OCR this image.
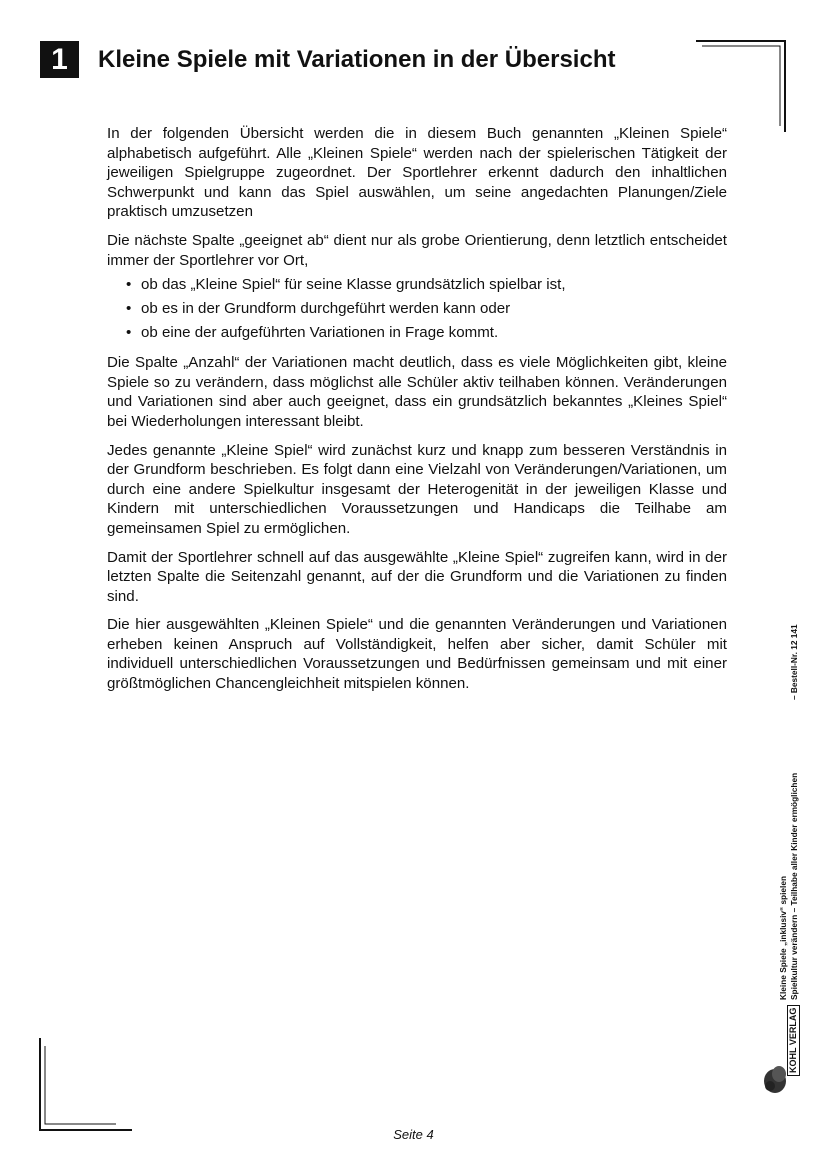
1	Kleine Spiele mit Variationen in der Übersicht

In der folgenden Übersicht werden die in diesem Buch genannten „Kleinen Spiele“ alphabetisch aufgeführt. Alle „Kleinen Spiele“ werden nach der spielerischen Tätigkeit der jeweiligen Spielgruppe zugeordnet. Der Sportlehrer erkennt dadurch den inhaltlichen Schwerpunkt und kann das Spiel auswählen, um seine angedachten Planungen/Ziele praktisch umzusetzen

Die nächste Spalte „geeignet ab“ dient nur als grobe Orientierung, denn letztlich entscheidet immer der Sportlehrer vor Ort,

• ob das „Kleine Spiel“ für seine Klasse grundsätzlich spielbar ist,
• ob es in der Grundform durchgeführt werden kann oder
• ob eine der aufgeführten Variationen in Frage kommt.

Die Spalte „Anzahl“ der Variationen macht deutlich, dass es viele Möglichkeiten gibt, kleine Spiele so zu verändern, dass möglichst alle Schüler aktiv teilhaben können. Veränderungen und Variationen sind aber auch geeignet, dass ein grundsätzlich bekanntes „Kleines Spiel“ bei Wiederholungen interessant bleibt.

Jedes genannte „Kleine Spiel“ wird zunächst kurz und knapp zum besseren Verständnis in der Grundform beschrieben. Es folgt dann eine Vielzahl von Veränderungen/Variationen, um durch eine andere Spielkultur insgesamt der Heterogenität in der jeweiligen Klasse und Kindern mit unterschiedlichen Voraussetzungen und Handicaps die Teilhabe am gemeinsamen Spiel zu ermöglichen.

Damit der Sportlehrer schnell auf das ausgewählte „Kleine Spiel“ zugreifen kann, wird in der letzten Spalte die Seitenzahl genannt, auf der die Grundform und die Variationen zu finden sind.

Die hier ausgewählten „Kleinen Spiele“ und die genannten Veränderungen und Variationen erheben keinen Anspruch auf Vollständigkeit, helfen aber sicher, damit Schüler mit individuell unterschiedlichen Voraussetzungen und Bedürfnissen gemeinsam und mit einer größtmöglichen Chancengleichheit mitspielen können.

Kleine Spiele „inklusiv“ spielen Spielkultur verändern – Teilhabe aller Kinder ermöglichen
– Bestell-Nr. 12 141
KOHL VERLAG
Seite 4
